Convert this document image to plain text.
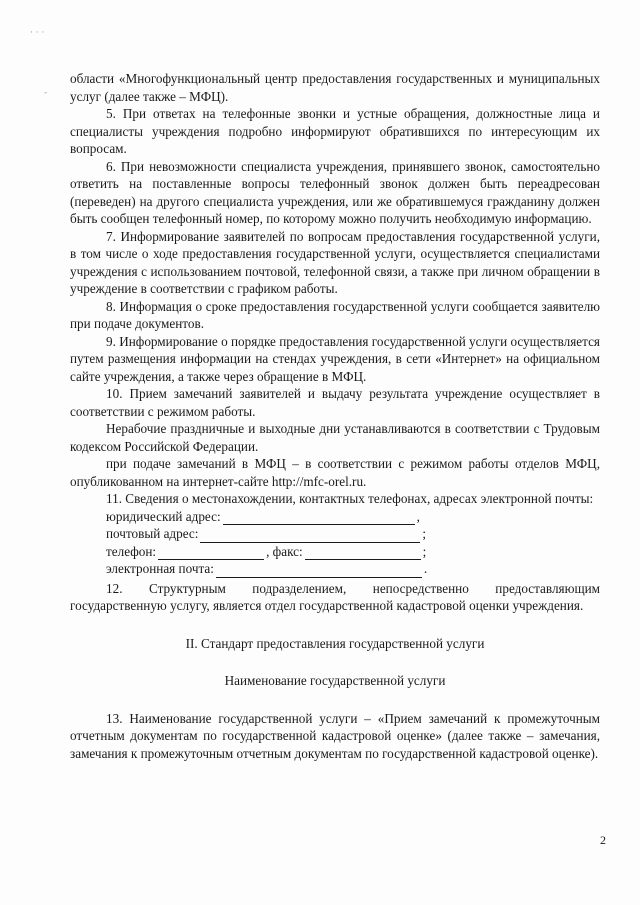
· · ·
-

области «Многофункциональный центр предоставления государственных и муниципальных услуг (далее также – МФЦ).

5. При ответах на телефонные звонки и устные обращения, должностные лица и специалисты учреждения подробно информируют обратившихся по интересующим их вопросам.

6. При невозможности специалиста учреждения, принявшего звонок, самостоятельно ответить на поставленные вопросы телефонный звонок должен быть переадресован (переведен) на другого специалиста учреждения, или же обратившемуся гражданину должен быть сообщен телефонный номер, по которому можно получить необходимую информацию.

7. Информирование заявителей по вопросам предоставления государственной услуги, в том числе о ходе предоставления государственной услуги, осуществляется специалистами учреждения с использованием почтовой, телефонной связи, а также при личном обращении в учреждение в соответствии с графиком работы.

8. Информация о сроке предоставления государственной услуги сообщается заявителю при подаче документов.

9. Информирование о порядке предоставления государственной услуги осуществляется путем размещения информации на стендах учреждения, в сети «Интернет» на официальном сайте учреждения, а также через обращение в МФЦ.

10. Прием замечаний заявителей и выдачу результата учреждение осуществляет в соответствии с режимом работы.

Нерабочие праздничные и выходные дни устанавливаются в соответствии с Трудовым кодексом Российской Федерации.

при подаче замечаний в МФЦ – в соответствии с режимом работы отделов МФЦ, опубликованном на интернет-сайте http://mfc-orel.ru.

11. Сведения о местонахождении, контактных телефонах, адресах электронной почты:

юридический адрес:	,
почтовый адрес:	;
телефон:	, факс:	;
электронная почта:	.

12. Структурным подразделением, непосредственно предоставляющим государственную услугу, является отдел государственной кадастровой оценки учреждения.

II. Стандарт предоставления государственной услуги

Наименование государственной услуги

13. Наименование государственной услуги – «Прием замечаний к промежуточным отчетным документам по государственной кадастровой оценке» (далее также – замечания, замечания к промежуточным отчетным документам по государственной кадастровой оценке).

2
